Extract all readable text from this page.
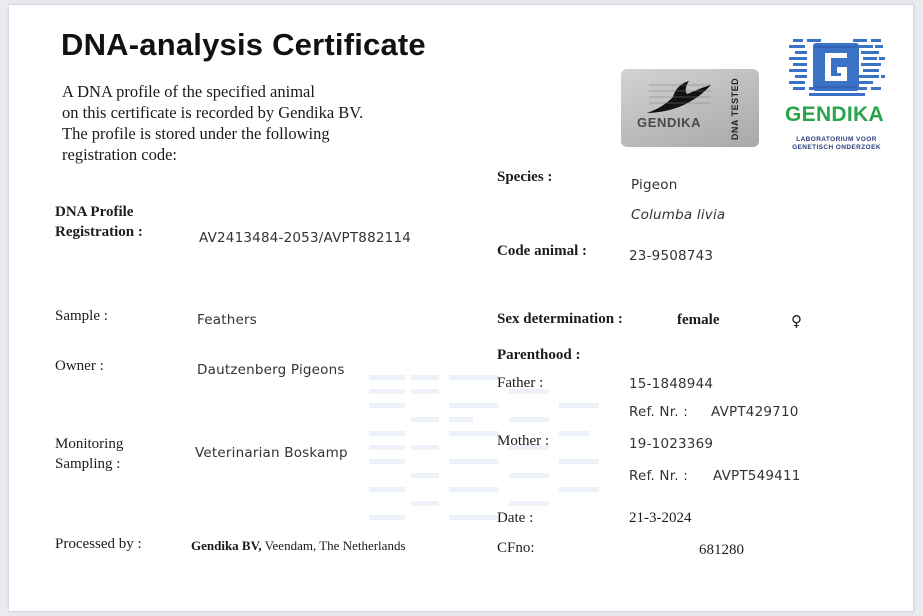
DNA-analysis Certificate
A DNA profile of the specified animal
on this certificate is recorded by Gendika BV.
The profile is stored under the following
registration code:
GENDIKA	DNA TESTED GENDIKA
LABORATORIUM VOOR
GENETISCH ONDERZOEK
DNA Profile
Registration :	AV2413484-2053/AVPT882114
Sample :	Feathers
Owner :	Dautzenberg Pigeons
Monitoring
Sampling :
Veterinarian Boskamp
Processed by :	Gendika BV, Veendam, The Netherlands
Species :	Pigeon
Columba livia
Code animal :	23-9508743
Sex determination :	female	♀
Parenthood :
Father :	15-1848944
Ref. Nr. : AVPT429710
Mother :	19-1023369
Ref. Nr. : AVPT549411
Date :	21-3-2024
CFno:	681280
